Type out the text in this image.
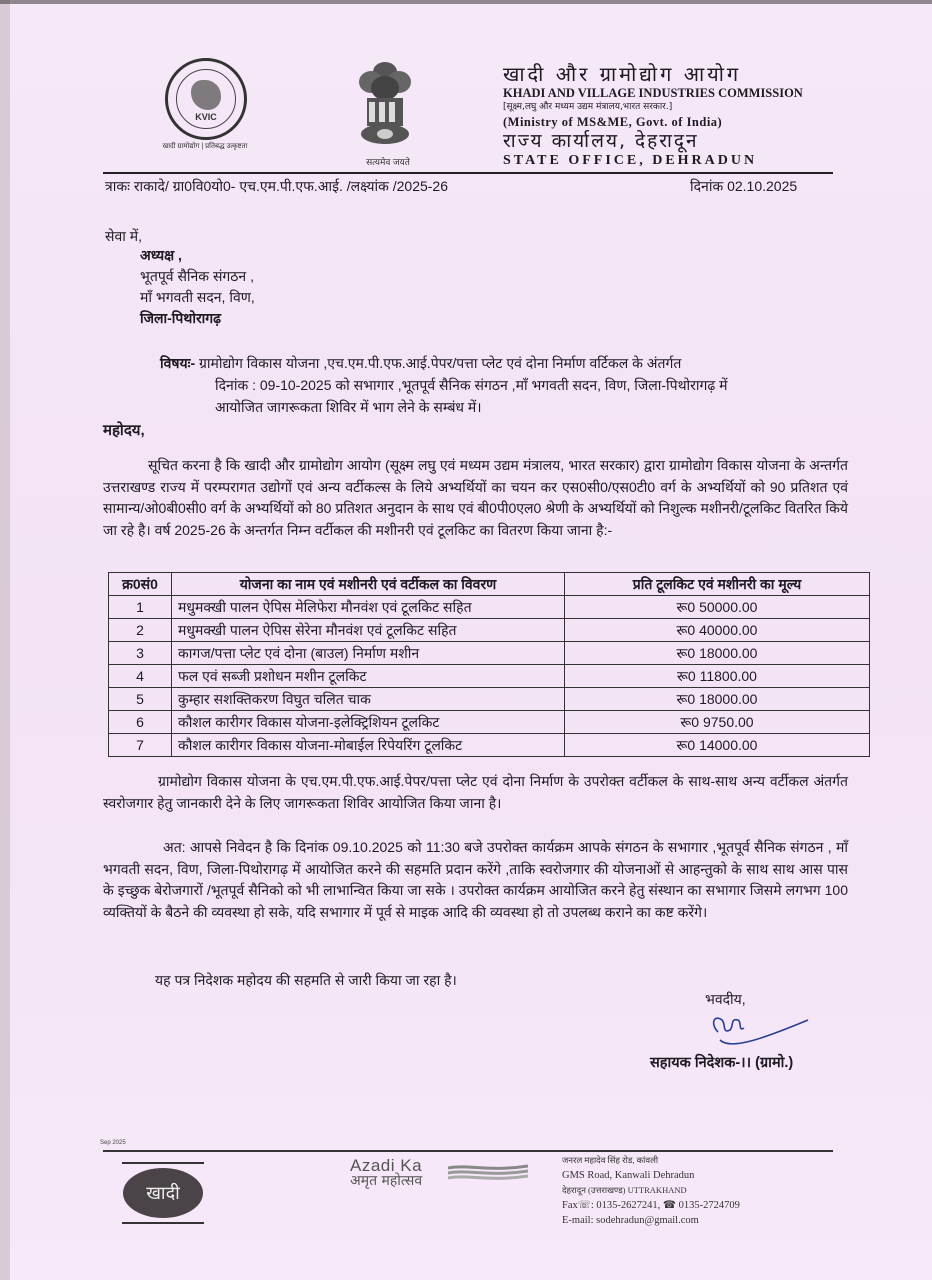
KVIC
खादी ग्रामोद्योग | प्रतिबद्ध उत्कृष्टता
सत्यमेव जयते
खादी और ग्रामोद्योग आयोग
KHADI AND VILLAGE INDUSTRIES COMMISSION
[सूक्ष्म,लघु और मध्यम उद्यम मंत्रालय,भारत सरकार.]
(Ministry of MS&ME, Govt. of India)
राज्य कार्यालय, देहरादून
STATE OFFICE, DEHRADUN
त्राकः राकादे/ ग्रा0वि0यो0- एच.एम.पी.एफ.आई. /लक्ष्यांक /2025-26	दिनांक 02.10.2025
सेवा में,
अध्यक्ष ,
भूतपूर्व सैनिक संगठन ,
माँ भगवती सदन, विण,
जिला-पिथोरागढ़
विषयः- ग्रामोद्योग विकास योजना ,एच.एम.पी.एफ.आई.पेपर/पत्ता प्लेट एवं दोना निर्माण वर्टिकल के अंतर्गत
दिनांक : 09-10-2025 को सभागार ,भूतपूर्व सैनिक संगठन ,माँ भगवती सदन, विण, जिला-पिथोरागढ़ में
आयोजित जागरूकता शिविर में भाग लेने के सम्बंध में।
महोदय,
सूचित करना है कि खादी और ग्रामोद्योग आयोग (सूक्ष्म लघु एवं मध्यम उद्यम मंत्रालय, भारत सरकार) द्वारा ग्रामोद्योग विकास योजना के अन्तर्गत उत्तराखण्ड राज्य में परम्परागत उद्योगों एवं अन्य वर्टीकल्स के लिये अभ्यर्थियों का चयन कर एस0सी0/एस0टी0 वर्ग के अभ्यर्थियों को 90 प्रतिशत एवं सामान्य/ओ0बी0सी0 वर्ग के अभ्यर्थियों को 80 प्रतिशत अनुदान के साथ एवं बी0पी0एल0 श्रेणी के अभ्यर्थियों को निशुल्क मशीनरी/टूलकिट वितरित किये जा रहे है। वर्ष 2025-26 के अन्तर्गत निम्न वर्टीकल की मशीनरी एवं टूलकिट का वितरण किया जाना है:-
क्र0सं0	योजना का नाम एवं मशीनरी एवं वर्टीकल का विवरण	प्रति टूलकिट एवं मशीनरी का मूल्य
1	मधुमक्खी पालन ऐपिस मेलिफेरा मौनवंश एवं टूलकिट सहित	रू0 50000.00
2	मधुमक्खी पालन ऐपिस सेरेना मौनवंश एवं टूलकिट सहित	रू0 40000.00
3	कागज/पत्ता प्लेट एवं दोना (बाउल) निर्माण मशीन	रू0 18000.00
4	फल एवं सब्जी प्रशोधन मशीन टूलकिट	रू0 11800.00
5	कुम्हार सशक्तिकरण विघुत चलित चाक	रू0 18000.00
6	कौशल कारीगर विकास योजना-इलेक्ट्रिशियन टूलकिट	रू0 9750.00
7	कौशल कारीगर विकास योजना-मोबाईल रिपेयरिंग टूलकिट	रू0 14000.00
ग्रामोद्योग विकास योजना के एच.एम.पी.एफ.आई.पेपर/पत्ता प्लेट एवं दोना निर्माण के उपरोक्त वर्टीकल के साथ-साथ अन्य वर्टीकल अंतर्गत स्वरोजगार हेतु जानकारी देने के लिए जागरूकता शिविर आयोजित किया जाना है।
अत: आपसे निवेदन है कि दिनांक 09.10.2025 को 11:30 बजे उपरोक्त कार्यक्रम आपके संगठन के सभागार ,भूतपूर्व सैनिक संगठन , माँ भगवती सदन, विण, जिला-पिथोरागढ़ में आयोजित करने की सहमति प्रदान करेंगे ,ताकि स्वरोजगार की योजनाओं से आहन्तुको के साथ साथ आस पास के इच्छुक बेरोजगारों /भूतपूर्व सैनिको को भी लाभान्वित किया जा सके । उपरोक्त कार्यक्रम आयोजित करने हेतु संस्थान का सभागार जिसमे लगभग 100 व्यक्तियों के बैठने की व्यवस्था हो सके, यदि सभागार में पूर्व से माइक आदि की व्यवस्था हो तो उपलब्ध कराने का कष्ट करेंगे।
यह पत्र निदेशक महोदय की सहमति से जारी किया जा रहा है।
भवदीय,
सहायक निदेशक-।। (ग्रामो.)
Sep 2025
खादी
Azadi Ka
अमृत महोत्सव
जनरल महादेव सिंह रोड, कांवली
GMS Road, Kanwali Dehradun
देहरादून (उत्तराखण्ड) UTTRAKHAND
Fax☏: 0135-2627241, ☎ 0135-2724709
E-mail: sodehradun@gmail.com
